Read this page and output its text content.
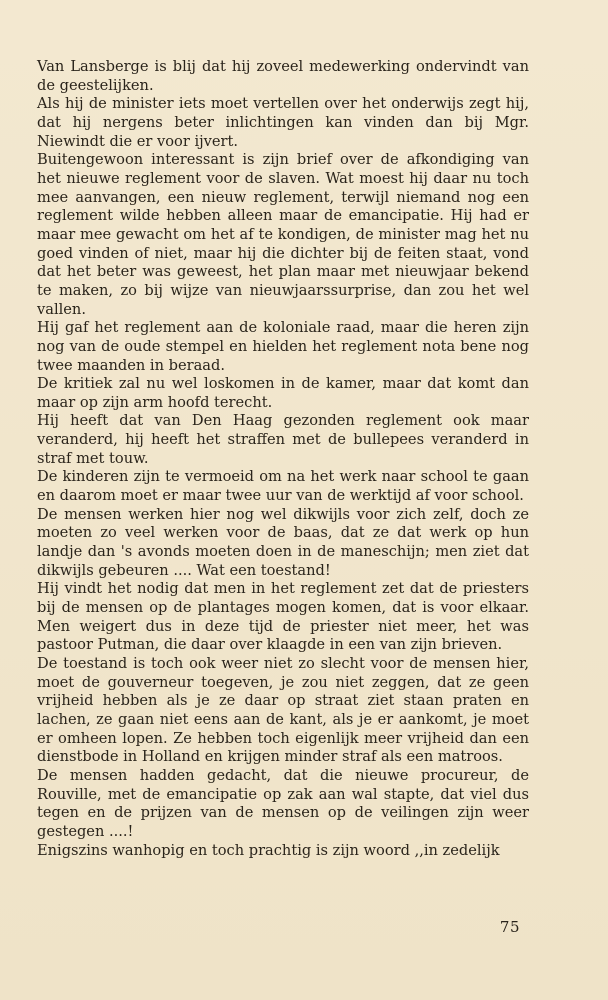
Van Lansberge is blij dat hij zoveel medewerking ondervindt van de geestelijken.

Als hij de minister iets moet vertellen over het onderwijs zegt hij, dat hij nergens beter inlichtingen kan vinden dan bij Mgr. Niewindt die er voor ijvert.

Buitengewoon interessant is zijn brief over de afkondiging van het nieuwe reglement voor de slaven. Wat moest hij daar nu toch mee aanvangen, een nieuw reglement, terwijl niemand nog een reglement wilde hebben alleen maar de emancipatie. Hij had er maar mee gewacht om het af te kondigen, de minister mag het nu goed vinden of niet, maar hij die dichter bij de feiten staat, vond dat het beter was geweest, het plan maar met nieuwjaar bekend te maken, zo bij wijze van nieuwjaarssurprise, dan zou het wel vallen.

Hij gaf het reglement aan de koloniale raad, maar die heren zijn nog van de oude stempel en hielden het reglement nota bene nog twee maanden in beraad.

De kritiek zal nu wel loskomen in de kamer, maar dat komt dan maar op zijn arm hoofd terecht.

Hij heeft dat van Den Haag gezonden reglement ook maar veranderd, hij heeft het straffen met de bullepees veranderd in straf met touw.

De kinderen zijn te vermoeid om na het werk naar school te gaan en daarom moet er maar twee uur van de werktijd af voor school.

De mensen werken hier nog wel dikwijls voor zich zelf, doch ze moeten zo veel werken voor de baas, dat ze dat werk op hun landje dan 's avonds moeten doen in de maneschijn; men ziet dat dikwijls gebeuren .... Wat een toestand!

Hij vindt het nodig dat men in het reglement zet dat de priesters bij de mensen op de plantages mogen komen, dat is voor elkaar. Men weigert dus in deze tijd de priester niet meer, het was pastoor Putman, die daar over klaagde in een van zijn brieven.

De toestand is toch ook weer niet zo slecht voor de mensen hier, moet de gouverneur toegeven, je zou niet zeggen, dat ze geen vrijheid hebben als je ze daar op straat ziet staan praten en lachen, ze gaan niet eens aan de kant, als je er aankomt, je moet er omheen lopen. Ze hebben toch eigenlijk meer vrijheid dan een dienstbode in Holland en krijgen minder straf als een matroos.

De mensen hadden gedacht, dat die nieuwe procureur, de Rouville, met de emancipatie op zak aan wal stapte, dat viel dus tegen en de prijzen van de mensen op de veilingen zijn weer gestegen ....!

Enigszins wanhopig en toch prachtig is zijn woord ,,in zedelijk

75
